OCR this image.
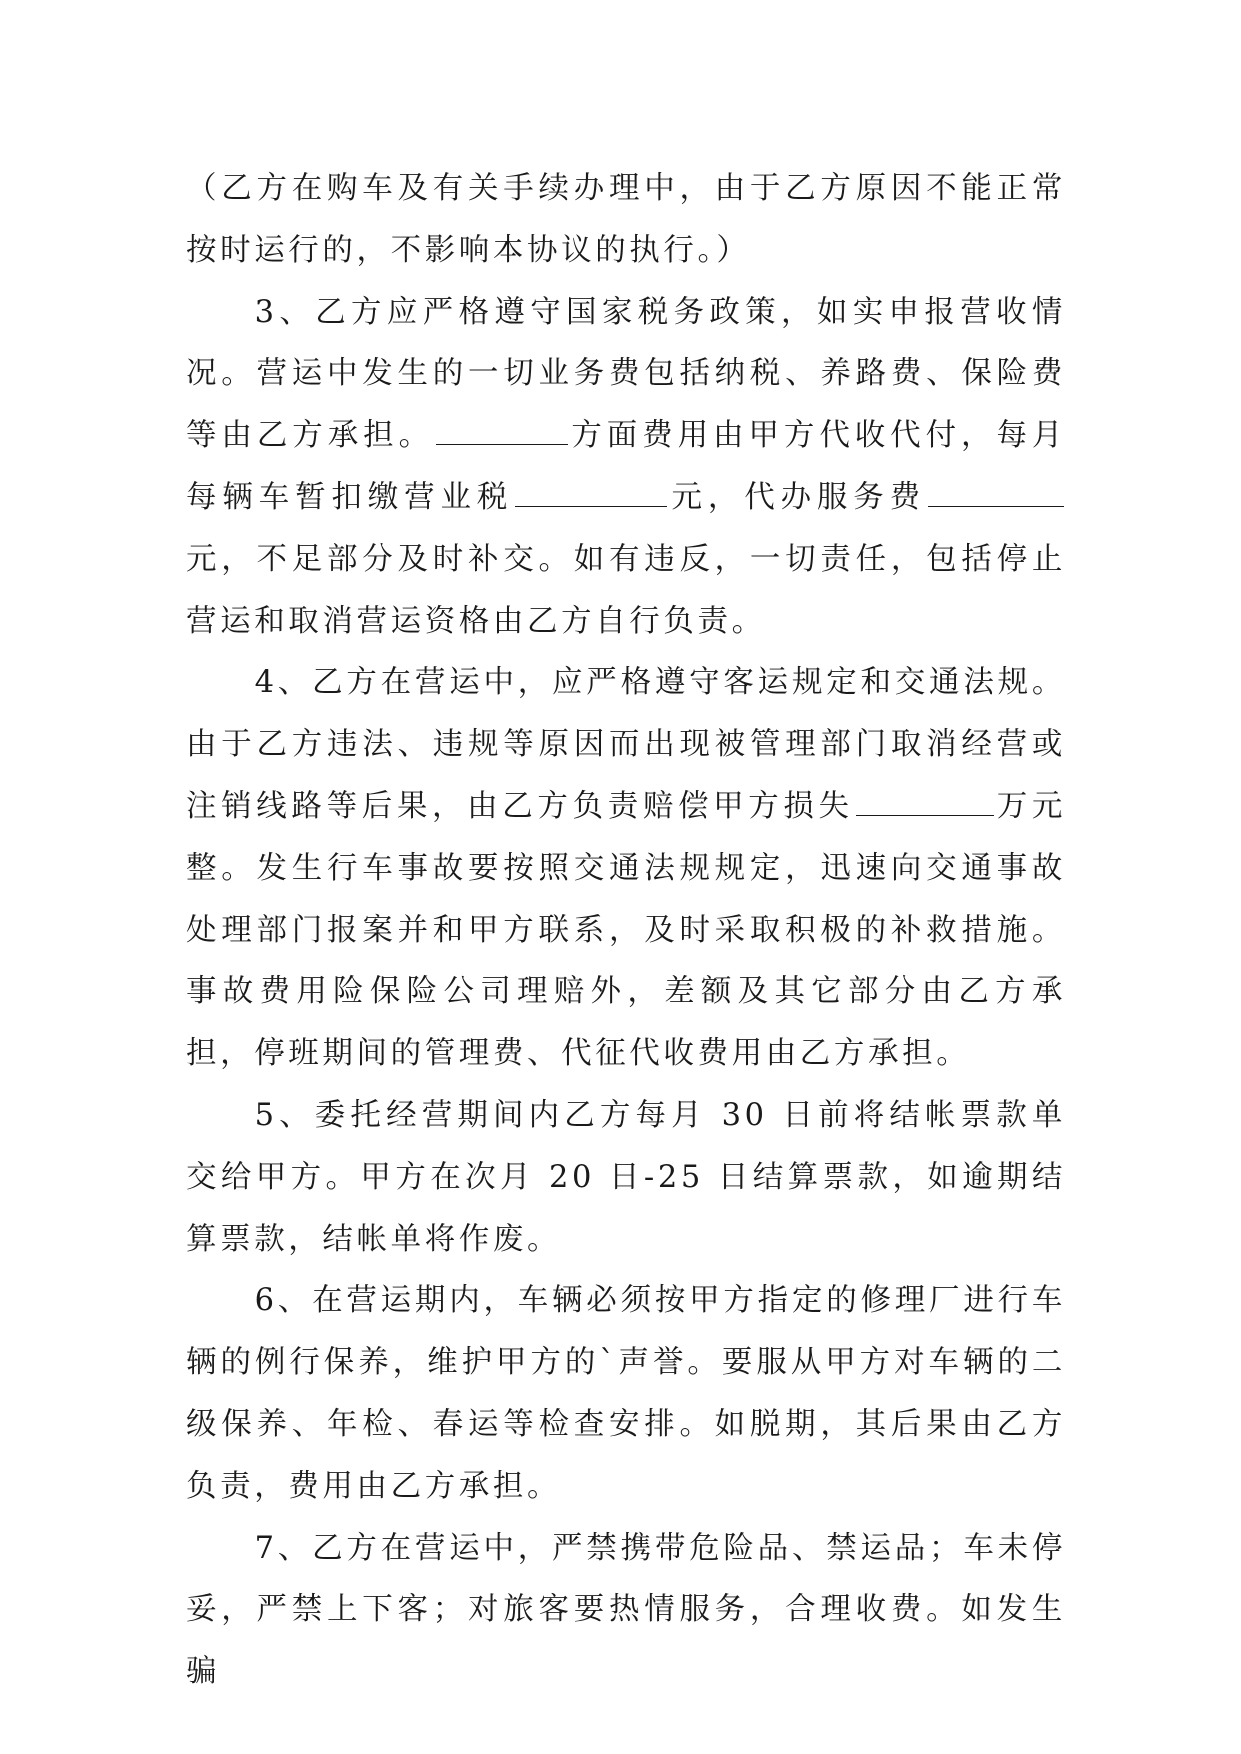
（乙方在购车及有关手续办理中，由于乙方原因不能正常按时运行的，不影响本协议的执行。）

3、乙方应严格遵守国家税务政策，如实申报营收情况。营运中发生的一切业务费包括纳税、养路费、保险费等由乙方承担。	方面费用由甲方代收代付，每月每辆车暂扣缴营业税	元，代办服务费元，不足部分及时补交。如有违反，一切责任，包括停止营运和取消营运资格由乙方自行负责。

4、乙方在营运中，应严格遵守客运规定和交通法规。由于乙方违法、违规等原因而出现被管理部门取消经营或注销线路等后果，由乙方负责赔偿甲方损失	万元整。发生行车事故要按照交通法规规定，迅速向交通事故处理部门报案并和甲方联系，及时采取积极的补救措施。事故费用险保险公司理赔外，差额及其它部分由乙方承担，停班期间的管理费、代征代收费用由乙方承担。

5、委托经营期间内乙方每月 30 日前将结帐票款单交给甲方。甲方在次月 20 日-25 日结算票款，如逾期结算票款，结帐单将作废。

6、在营运期内，车辆必须按甲方指定的修理厂进行车辆的例行保养，维护甲方的`声誉。要服从甲方对车辆的二级保养、年检、春运等检查安排。如脱期，其后果由乙方负责，费用由乙方承担。

7、乙方在营运中，严禁携带危险品、禁运品；车未停妥，严禁上下客；对旅客要热情服务，合理收费。如发生骗
